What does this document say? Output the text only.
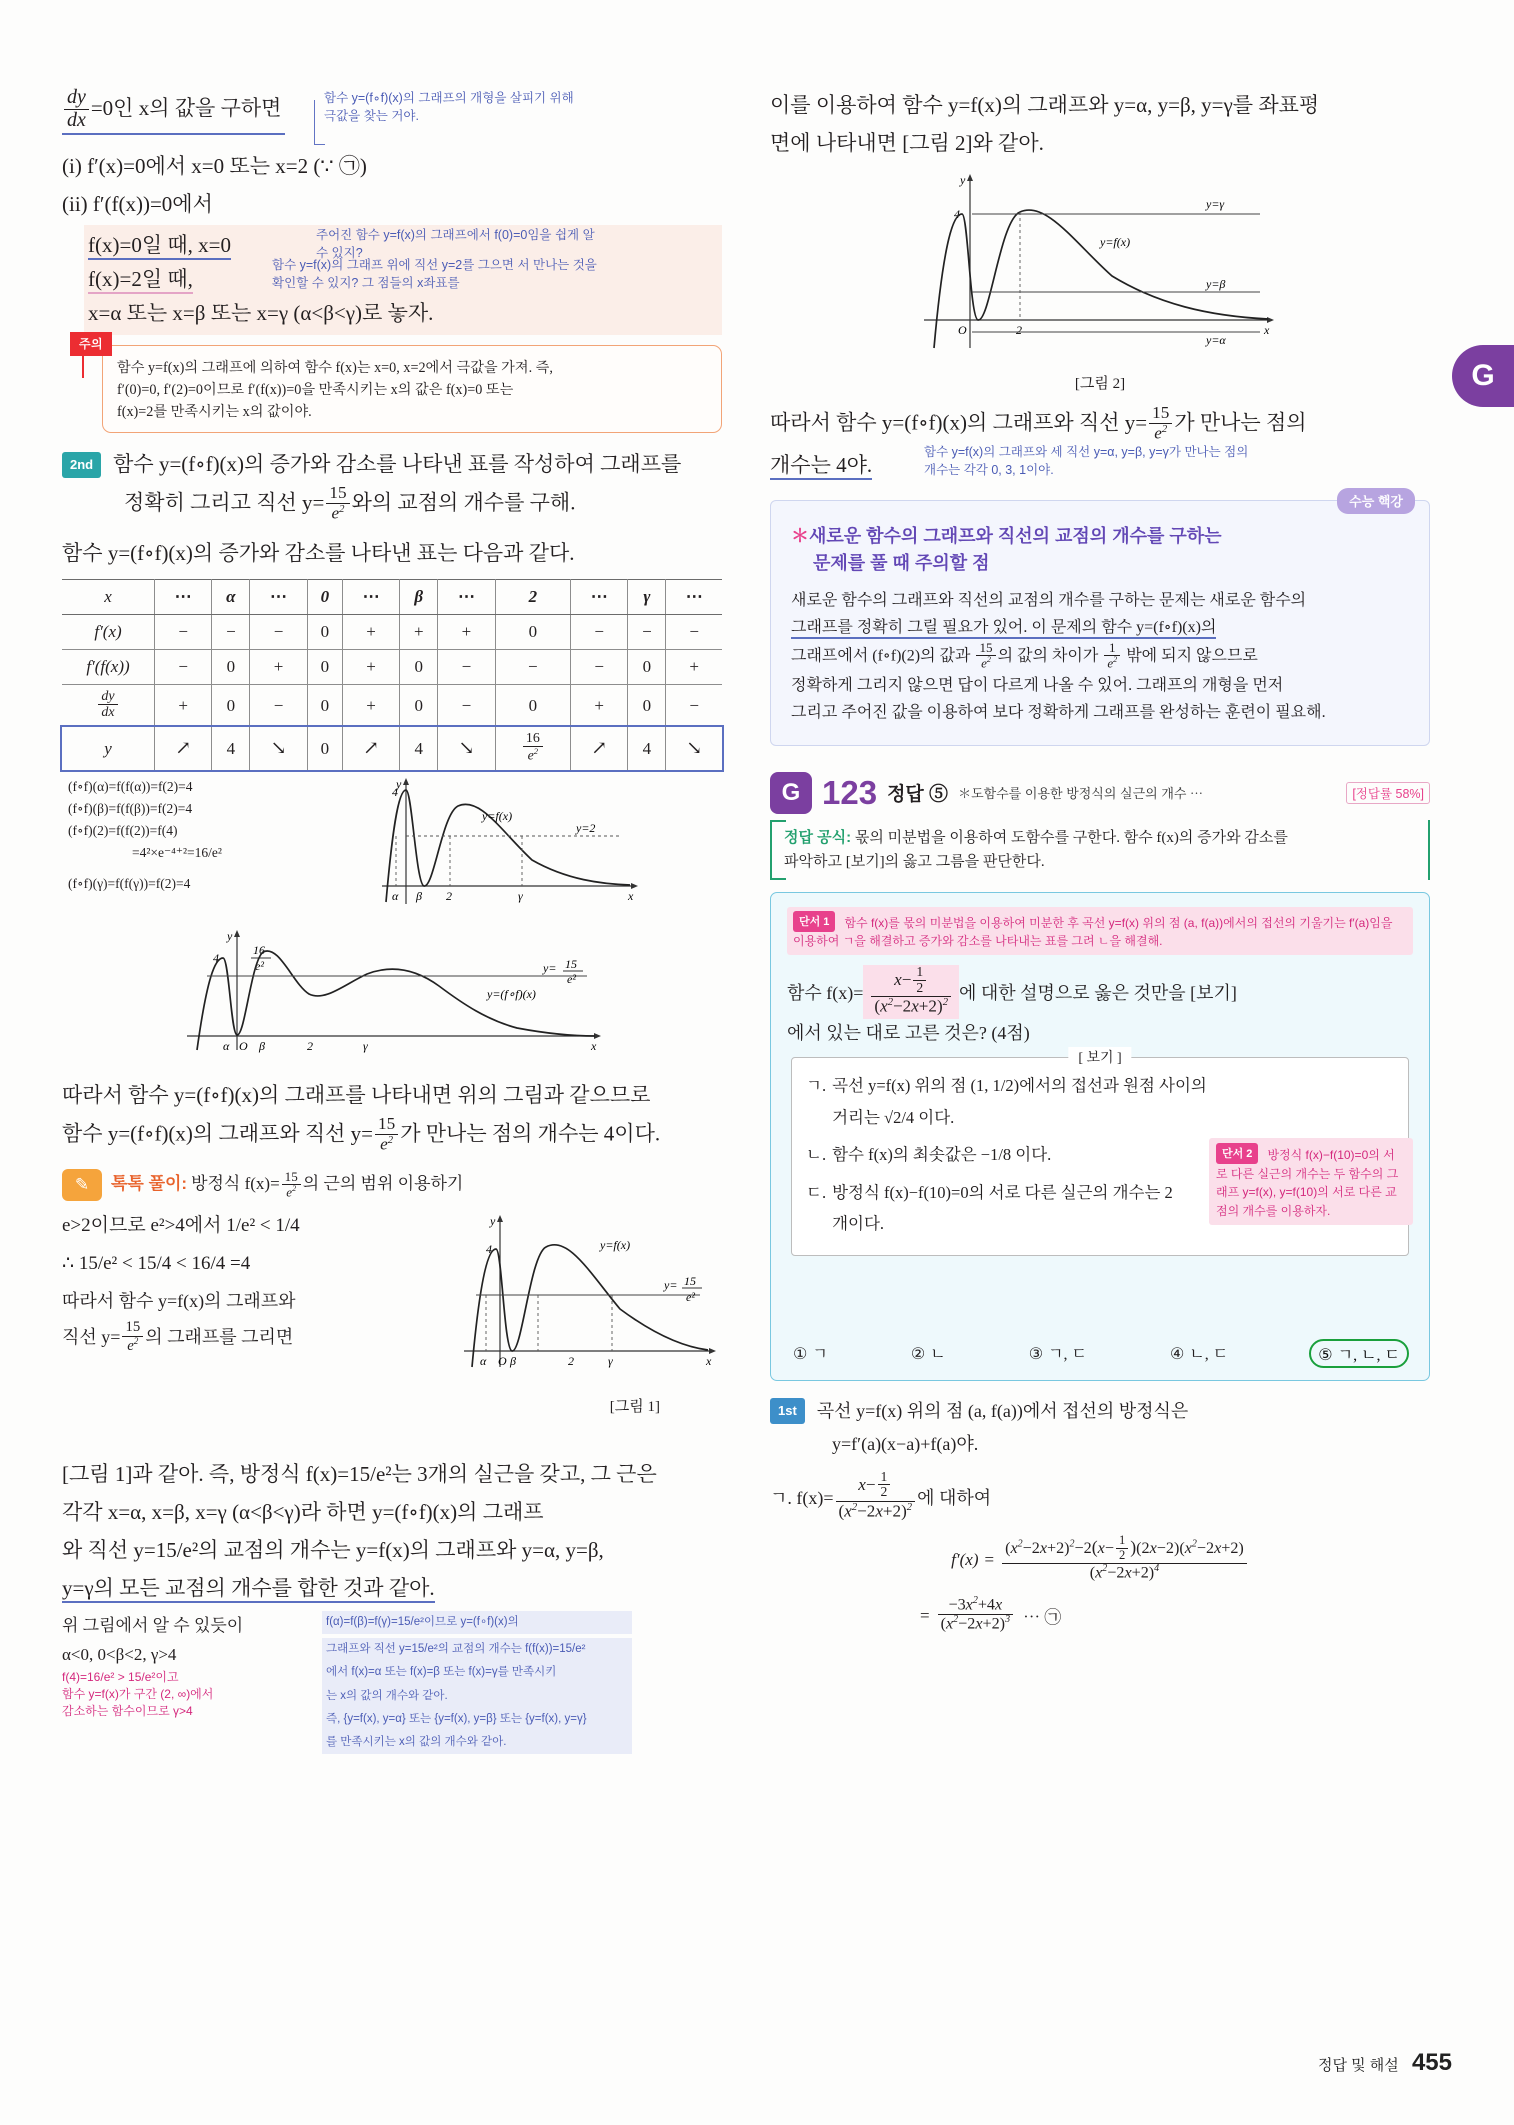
G
$\frac{dy}{dx} =0$인 x의 값을 구하면	함수 y=(f∘f)(x)의 그래프의 개형을 살피기 위해 극값을 찾는 거야.
(i) f′(x)=0에서 x=0 또는 x=2 (∵ ㉠)
(ii) f′(f(x))=0에서
f(x)=0일 때, x=0
f(x)=2일 때,
x=α 또는 x=β 또는 x=γ (α<β<γ)로 놓자.
주어진 함수 y=f(x)의 그래프에서 f(0)=0임을 쉽게 알 수 있지?
함수 y=f(x)의 그래프 위에 직선 y=2를 그으면 서 만나는 것을 확인할 수 있지? 그 점들의 x좌표를
주의
함수 y=f(x)의 그래프에 의하여 함수 f(x)는 x=0, x=2에서 극값을 가져. 즉,
f′(0)=0, f′(2)=0이므로 f′(f(x))=0을 만족시키는 x의 값은 f(x)=0 또는
f(x)=2를 만족시키는 x의 값이야.
2nd 함수 y=(f∘f)(x)의 증가와 감소를 나타낸 표를 작성하여 그래프를
정확히 그리고 직선 $y= \frac{15}{e^2}$ 와의 교점의 개수를 구해.
함수 y=(f∘f)(x)의 증가와 감소를 나타낸 표는 다음과 같다.
x	⋯	α	⋯	0	⋯	β	⋯	2	⋯	γ	⋯
f′(x)	−	−	−	0	+	+	+	0	−	−	−
f′(f(x))	−	0	+	0	+	0	−	−	−	0	+

$\frac{dy}{dx}$	+	0	−	0	+	0	−	0	+	0	−
y	↗	4	↘	0	↗	4	↘	$\frac{16}{e^2}$	↗	4	↘
(f∘f)(α)=f(f(α))=f(2)=4
(f∘f)(β)=f(f(β))=f(2)=4
(f∘f)(2)=f(f(2))=f(4)
=4²×e⁻⁴⁺²=16/e²
(f∘f)(γ)=f(f(γ))=f(2)=4
y
x
y=2
y=f(x)
α β 2	γ
4
y
x
4
16
e²
y=(f∘f)(x)
y= 15
e²
α O β	2	γ
따라서 함수 y=(f∘f)(x)의 그래프를 나타내면 위의 그림과 같으므로
함수 y=(f∘f)(x)의 그래프와 직선 $y= \frac{15}{e^2}$ 가 만나는 점의 개수는 4이다.
✎	톡톡 풀이: 방정식 $f(x)= \frac{15}{e^2}$ 의 근의 범위 이용하기
e>2이므로 e²>4에서 1/e² < 1/4
∴ 15/e² < 15/4 < 16/4 =4
따라서 함수 y=f(x)의 그래프와
직선 $y= \frac{15}{e^2}$ 의 그래프를 그리면
y
x
4
y= 15
e²
y=f(x)
α O β	2	γ
[그림 1]
[그림 1]과 같아. 즉, 방정식 f(x)=15/e²는 3개의 실근을 갖고, 그 근은
각각 x=α, x=β, x=γ (α<β<γ)라 하면 y=(f∘f)(x)의 그래프
와 직선 y=15/e²의 교점의 개수는 y=f(x)의 그래프와 y=α, y=β,
y=γ의 모든 교점의 개수를 합한 것과 같아.
위 그림에서 알 수 있듯이
α<0, 0<β<2, γ>4
f(4)=16/e² > 15/e²이고
함수 y=f(x)가 구간 (2, ∞)에서
감소하는 함수이므로 γ>4
f(α)=f(β)=f(γ)=15/e²이므로 y=(f∘f)(x)의
그래프와 직선 y=15/e²의 교점의 개수는 f(f(x))=15/e²
에서 f(x)=α 또는 f(x)=β 또는 f(x)=γ를 만족시키
는 x의 값의 개수와 같아.
즉, {y=f(x), y=α} 또는 {y=f(x), y=β} 또는 {y=f(x), y=γ}
를 만족시키는 x의 값의 개수와 같아.
이를 이용하여 함수 y=f(x)의 그래프와 y=α, y=β, y=γ를 좌표평
면에 나타내면 [그림 2]와 같아.
y
x
4
y=γ
y=β
y=α
y=f(x)
O	2
[그림 2]
따라서 함수 y=(f∘f)(x)의 그래프와 직선 $y= \frac{15}{e^2}$ 가 만나는 점의
개수는 4야.
함수 y=f(x)의 그래프와 세 직선 y=α, y=β, y=γ가 만나는 점의 개수는 각각 0, 3, 1이야.
수능 핵강
＊새로운 함수의 그래프와 직선의 교점의 개수를 구하는
문제를 풀 때 주의할 점
새로운 함수의 그래프와 직선의 교점의 개수를 구하는 문제는 새로운 함수의
그래프를 정확히 그릴 필요가 있어. 이 문제의 함수 y=(f∘f)(x)의
그래프에서 (f∘f)(2)의 값과 $\frac{15}{e^2}$ 의 값의 차이가 $\frac{1}{e^2}$ 밖에 되지 않으므로
정확하게 그리지 않으면 답이 다르게 나올 수 있어. 그래프의 개형을 먼저
그리고 주어진 값을 이용하여 보다 정확하게 그래프를 완성하는 훈련이 필요해.
G 123 정답 ⑤ ＊도함수를 이용한 방정식의 실근의 개수 ⋯	[정답률 58%]
정답 공식: 몫의 미분법을 이용하여 도함수를 구한다. 함수 f(x)의 증가와 감소를
파악하고 [보기]의 옳고 그름을 판단한다.
단서 1 함수 f(x)를 몫의 미분법을 이용하여 미분한 후 곡선 y=f(x) 위의 점 (a, f(a))에서의 접선의 기울기는 f′(a)임을 이용하여 ㄱ을 해결하고 증가와 감소를 나타내는 표를 그려 ㄴ을 해결해.
함수 $f(x)= \frac{x- \frac{1}{2}}{(x^2-2x+2)^2}$ 에 대한 설명으로 옳은 것만을 [보기]
에서 있는 대로 고른 것은? (4점)
[ 보기 ]
ㄱ. 곡선 y=f(x) 위의 점 (1, 1/2)에서의 접선과 원점 사이의
거리는 √2/4 이다.
ㄴ. 함수 f(x)의 최솟값은 −1/8 이다.
ㄷ. 방정식 f(x)−f(10)=0의 서로 다른 실근의 개수는 2
개이다.
단서 2 방정식 f(x)−f(10)=0의 서로 다른 실근의 개수는 두 함수의 그래프 y=f(x), y=f(10)의 서로 다른 교점의 개수를 이용하자.
① ㄱ	② ㄴ	③ ㄱ, ㄷ	④ ㄴ, ㄷ	⑤ ㄱ, ㄴ, ㄷ
1st 곡선 y=f(x) 위의 점 (a, f(a))에서 접선의 방정식은
y=f′(a)(x−a)+f(a)야.
ㄱ. $f(x)= \frac{x- \frac{1}{2}}{(x^2-2x+2)^2}$ 에 대하여
$f'(x) = \frac{(x^2-2x+2)^2-2(x- \frac{1}{2} )(2x-2)(x^2-2x+2)}{(x^2-2x+2)^4}$
= $\frac{-3x^2+4x}{(x^2-2x+2)^3}$ ⋯ ㉠
정답 및 해설 455
